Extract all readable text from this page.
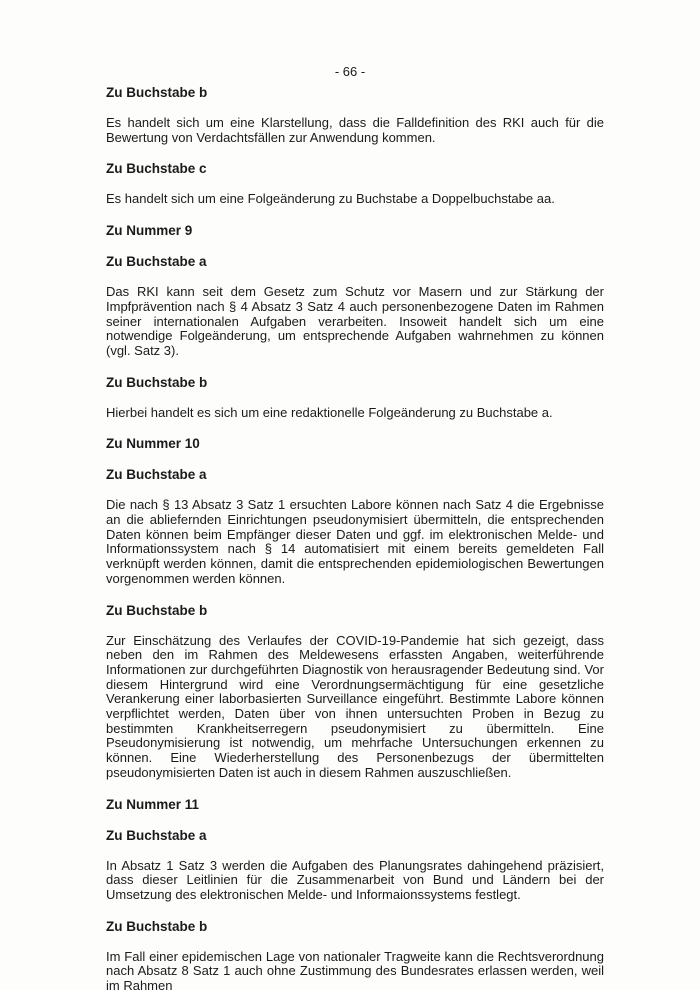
- 66 -
Zu Buchstabe b
Es handelt sich um eine Klarstellung, dass die Falldefinition des RKI auch für die Bewertung von Verdachtsfällen zur Anwendung kommen.
Zu Buchstabe c
Es handelt sich um eine Folgeänderung zu Buchstabe a Doppelbuchstabe aa.
Zu Nummer 9
Zu Buchstabe a
Das RKI kann seit dem Gesetz zum Schutz vor Masern und zur Stärkung der Impfprävention nach § 4 Absatz 3 Satz 4 auch personenbezogene Daten im Rahmen seiner internationalen Aufgaben verarbeiten. Insoweit handelt sich um eine notwendige Folgeänderung, um entsprechende Aufgaben wahrnehmen zu können (vgl. Satz 3).
Zu Buchstabe b
Hierbei handelt es sich um eine redaktionelle Folgeänderung zu Buchstabe a.
Zu Nummer 10
Zu Buchstabe a
Die nach § 13 Absatz 3 Satz 1 ersuchten Labore können nach Satz 4 die Ergebnisse an die abliefernden Einrichtungen pseudonymisiert übermitteln, die entsprechenden Daten können beim Empfänger dieser Daten und ggf. im elektronischen Melde- und Informationssystem nach § 14 automatisiert mit einem bereits gemeldeten Fall verknüpft werden können, damit die entsprechenden epidemiologischen Bewertungen vorgenommen werden können.
Zu Buchstabe b
Zur Einschätzung des Verlaufes der COVID-19-Pandemie hat sich gezeigt, dass neben den im Rahmen des Meldewesens erfassten Angaben, weiterführende Informationen zur durchgeführten Diagnostik von herausragender Bedeutung sind. Vor diesem Hintergrund wird eine Verordnungsermächtigung für eine gesetzliche Verankerung einer laborbasierten Surveillance eingeführt. Bestimmte Labore können verpflichtet werden, Daten über von ihnen untersuchten Proben in Bezug zu bestimmten Krankheitserregern pseudonymisiert zu übermitteln. Eine Pseudonymisierung ist notwendig, um mehrfache Untersuchungen erkennen zu können. Eine Wiederherstellung des Personenbezugs der übermittelten pseudonymisierten Daten ist auch in diesem Rahmen auszuschließen.
Zu Nummer 11
Zu Buchstabe a
In Absatz 1 Satz 3 werden die Aufgaben des Planungsrates dahingehend präzisiert, dass dieser Leitlinien für die Zusammenarbeit von Bund und Ländern bei der Umsetzung des elektronischen Melde- und Informaionssystems festlegt.
Zu Buchstabe b
Im Fall einer epidemischen Lage von nationaler Tragweite kann die Rechtsverordnung nach Absatz 8 Satz 1 auch ohne Zustimmung des Bundesrates erlassen werden, weil im Rahmen
